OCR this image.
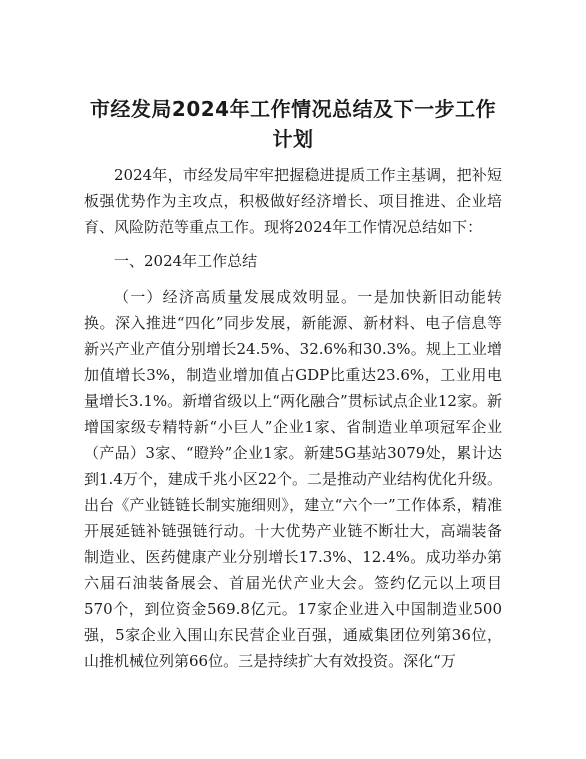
市经发局2024年工作情况总结及下一步工作计划

2024年，市经发局牢牢把握稳进提质工作主基调，把补短板强优势作为主攻点，积极做好经济增长、项目推进、企业培育、风险防范等重点工作。现将2024年工作情况总结如下：

一、2024年工作总结

（一）经济高质量发展成效明显。一是加快新旧动能转换。深入推进“四化”同步发展，新能源、新材料、电子信息等新兴产业产值分别增长24.5%、32.6%和30.3%。规上工业增加值增长3%，制造业增加值占GDP比重达23.6%，工业用电量增长3.1%。新增省级以上“两化融合”贯标试点企业12家。新增国家级专精特新“小巨人”企业1家、省制造业单项冠军企业（产品）3家、“瞪羚”企业1家。新建5G基站3079处，累计达到1.4万个，建成千兆小区22个。二是推动产业结构优化升级。出台《产业链链长制实施细则》，建立“六个一”工作体系，精准开展延链补链强链行动。十大优势产业链不断壮大，高端装备制造业、医药健康产业分别增长17.3%、12.4%。成功举办第六届石油装备展会、首届光伏产业大会。签约亿元以上项目570个，到位资金569.8亿元。17家企业进入中国制造业500强，5家企业入围山东民营企业百强，通威集团位列第36位，山推机械位列第66位。三是持续扩大有效投资。深化“万
